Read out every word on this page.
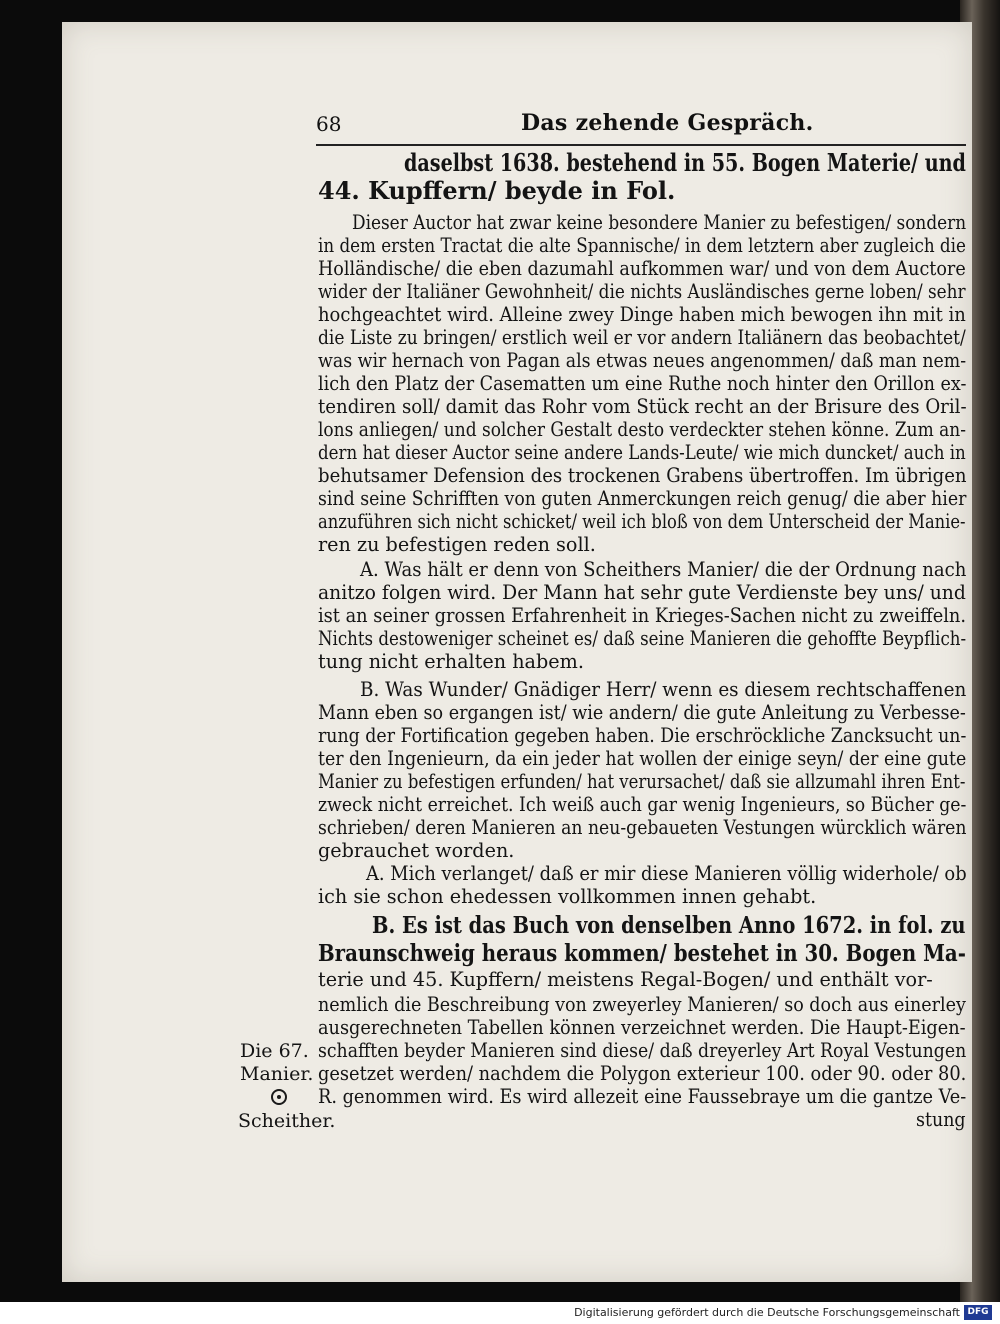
68	Das zehende Gespräch.
daselbst 1638. bestehend in 55. Bogen Materie/ und
44. Kupffern/ beyde in Fol.
Dieser Auctor hat zwar keine besondere Manier zu befestigen/ sondern
in dem ersten Tractat die alte Spannische/ in dem letztern aber zugleich die
Holländische/ die eben dazumahl aufkommen war/ und von dem Auctore
wider der Italiäner Gewohnheit/ die nichts Ausländisches gerne loben/ sehr
hochgeachtet wird. Alleine zwey Dinge haben mich bewogen ihn mit in
die Liste zu bringen/ erstlich weil er vor andern Italiänern das beobachtet/
was wir hernach von Pagan als etwas neues angenommen/ daß man nem-
lich den Platz der Casematten um eine Ruthe noch hinter den Orillon ex-
tendiren soll/ damit das Rohr vom Stück recht an der Brisure des Oril-
lons anliegen/ und solcher Gestalt desto verdeckter stehen könne. Zum an-
dern hat dieser Auctor seine andere Lands-Leute/ wie mich duncket/ auch in
behutsamer Defension des trockenen Grabens übertroffen. Im übrigen
sind seine Schrifften von guten Anmerckungen reich genug/ die aber hier
anzuführen sich nicht schicket/ weil ich bloß von dem Unterscheid der Manie-
ren zu befestigen reden soll.
A. Was hält er denn von Scheithers Manier/ die der Ordnung nach
anitzo folgen wird. Der Mann hat sehr gute Verdienste bey uns/ und
ist an seiner grossen Erfahrenheit in Krieges-Sachen nicht zu zweiffeln.
Nichts destoweniger scheinet es/ daß seine Manieren die gehoffte Beypflich-
tung nicht erhalten habem.
B. Was Wunder/ Gnädiger Herr/ wenn es diesem rechtschaffenen
Mann eben so ergangen ist/ wie andern/ die gute Anleitung zu Verbesse-
rung der Fortification gegeben haben. Die erschröckliche Zancksucht un-
ter den Ingenieurn, da ein jeder hat wollen der einige seyn/ der eine gute
Manier zu befestigen erfunden/ hat verursachet/ daß sie allzumahl ihren Ent-
zweck nicht erreichet. Ich weiß auch gar wenig Ingenieurs, so Bücher ge-
schrieben/ deren Manieren an neu-gebaueten Vestungen würcklich wären
gebrauchet worden.
A. Mich verlanget/ daß er mir diese Manieren völlig widerhole/ ob
ich sie schon ehedessen vollkommen innen gehabt.
B. Es ist das Buch von denselben Anno 1672. in fol. zu
Braunschweig heraus kommen/ bestehet in 30. Bogen Ma-
terie und 45. Kupffern/ meistens Regal-Bogen/ und enthält vor-
nemlich die Beschreibung von zweyerley Manieren/ so doch aus einerley
ausgerechneten Tabellen können verzeichnet werden. Die Haupt-Eigen-
schafften beyder Manieren sind diese/ daß dreyerley Art Royal Vestungen
gesetzet werden/ nachdem die Polygon exterieur 100. oder 90. oder 80.
R. genommen wird. Es wird allezeit eine Faussebraye um die gantze Ve-
stung
Die 67.
Manier.
Scheither.
Digitalisierung gefördert durch die Deutsche Forschungsgemeinschaft DFG
